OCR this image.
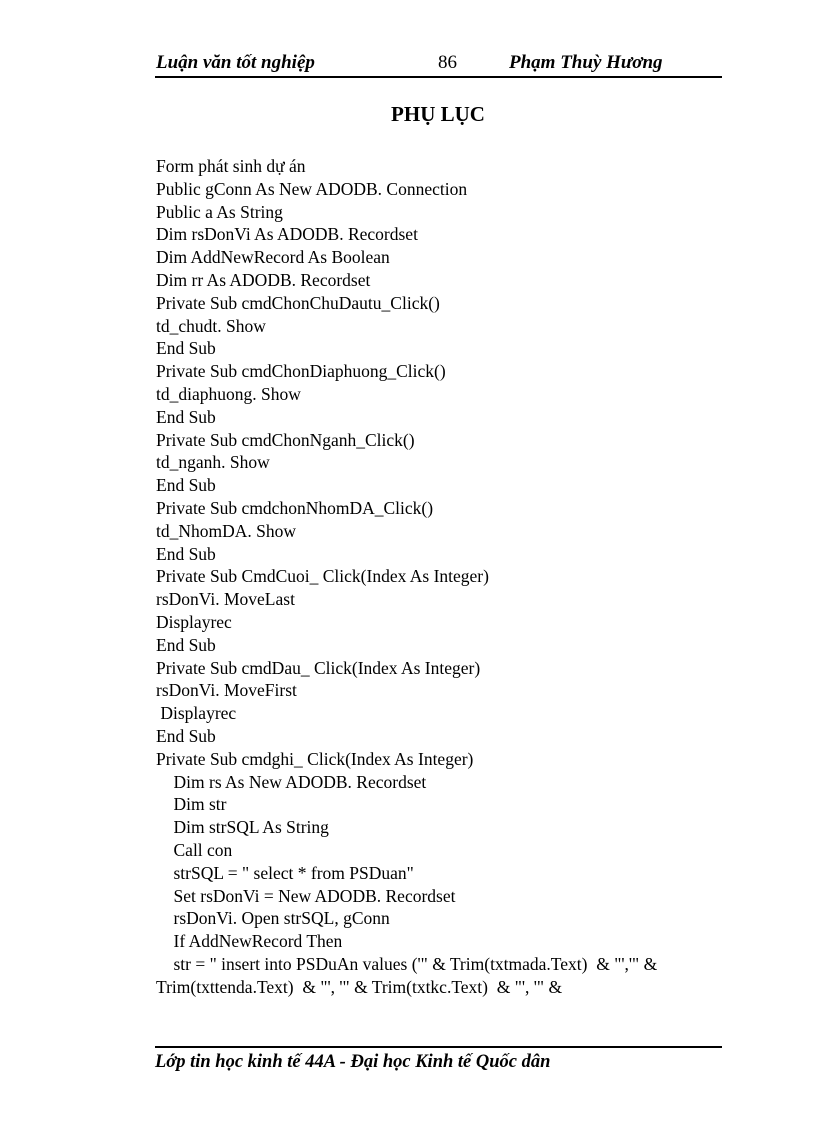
Luận văn tốt nghiệp	86	Phạm Thuỳ Hương
PHỤ LỤC
Form phát sinh dự án
Public gConn As New ADODB. Connection
Public a As String
Dim rsDonVi As ADODB. Recordset
Dim AddNewRecord As Boolean
Dim rr As ADODB. Recordset
Private Sub cmdChonChuDautu_Click()
td_chudt. Show
End Sub
Private Sub cmdChonDiaphuong_Click()
td_diaphuong. Show
End Sub
Private Sub cmdChonNganh_Click()
td_nganh. Show
End Sub
Private Sub cmdchonNhomDA_Click()
td_NhomDA. Show
End Sub
Private Sub CmdCuoi_ Click(Index As Integer)
rsDonVi. MoveLast
Displayrec
End Sub
Private Sub cmdDau_ Click(Index As Integer)
rsDonVi. MoveFirst
Displayrec
End Sub
Private Sub cmdghi_ Click(Index As Integer)
Dim rs As New ADODB. Recordset
Dim str
Dim strSQL As String
Call con
strSQL = " select * from PSDuan"
Set rsDonVi = New ADODB. Recordset
rsDonVi. Open strSQL, gConn
If AddNewRecord Then
str = " insert into PSDuAn values ('" & Trim(txtmada.Text)  & "','" &
Trim(txttenda.Text)  & "', '" & Trim(txtkc.Text)  & "', '" &
Lớp tin học kinh tế 44A - Đại học Kinh tế Quốc dân
